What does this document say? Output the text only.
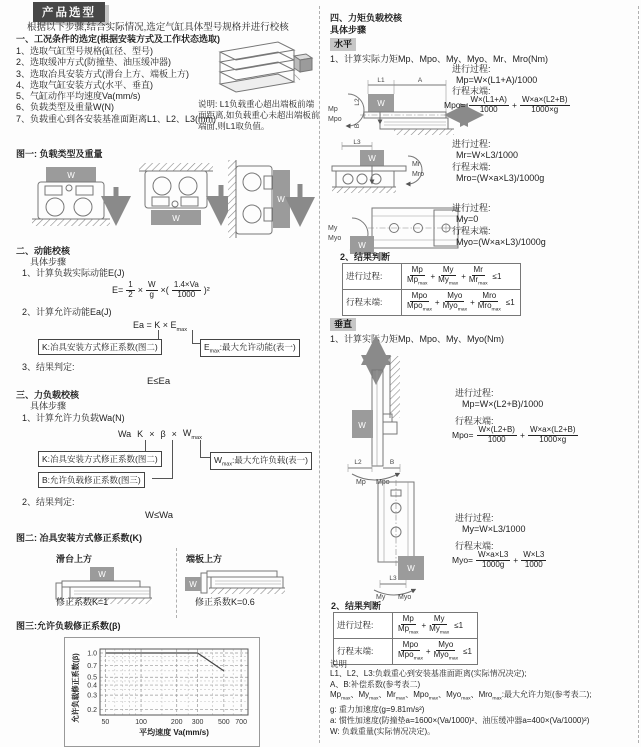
产品选型
根据以下步骤,结合实际情况,选定气缸具体型号规格并进行校核
一、工况条件的选定(根据安装方式及工作状态选取)
1、选取气缸型号规格(缸径、型号)
2、选取缓冲方式(防撞垫、油压缓冲器)
3、选取冶具安装方式(滑台上方、端板上方)
4、选取气缸安装方式(水平、垂直)
5、气缸动作平均速度Va(mm/s)
6、负载类型及重量W(N)
7、负载重心到各安装基准面距离L1、L2、L3(mm)
说明: L1负载重心超出端板前端面距离,如负载重心未超出端板前端面,则L1取负值。
图一: 负载类型及重量
W
W
W
二、动能校核
具体步骤
1、计算负载实际动能E(J)
$E= \frac{1}{2} \times \frac{W}{g}$ ×( $\frac{1.4\times Va}{1000} )^2$
2、计算允许动能Ea(J)
$Ea = K \times E_{max}$
K:冶具安装方式修正系数(图二)	$E_{max}$:最大允许动能(表一)
3、结果判定:
E≤Ea
三、力负载校核
具体步骤
1、计算允许力负载Wa(N)
Wa $K \times \beta \times W_{max}$
K:冶具安装方式修正系数(图二)	$W_{max}$:最大允许负载(表一)
B:允许负载修正系数(图三)
2、结果判定:
W≤Wa
图二: 冶具安装方式修正系数(K)
滑台上方	端板上方
W
W
修正系数K=1	修正系数K=0.6
图三:允许负载修正系数(β)
允许负载修正系数(β)	50	100	200 300 500 700
1.0
0.7
0.5
0.4
0.3
0.2
平均速度 Va(mm/s)
四、力矩负载校核
具体步骤
水平
1、计算实际力矩Mp、Mpo、My、Myo、Mr、Mro(Nm)
Mp
Mpo
L2 W
L1	A
B
进行过程:
Mp=W×(L1+A)/1000
行程末端:
$Mpo= \frac{W\times(L1+A)}{1000} + \frac{W\times a\times(L2+B)}{1000\times g}$
L3
W
Mr
Mro
进行过程:
Mr=W×L3/1000
行程末端:
Mro=(W×a×L3)/1000g
My
Myo
W
进行过程:
My=0
行程末端:
Myo=(W×a×L3)/1000g
2、结果判断
进行过程:	$\frac{Mp}{Mp_{max}} + \frac{My}{My_{max}} + \frac{Mr}{Mr_{max}} \le 1$
行程末端:	$\frac{\text{Mpo}}{Mpo_{max}} + \frac{\text{Myo}}{Myo_{max}} + \frac{\text{Mro}}{Mro_{max}} \le 1$
垂直
1、计算实际力矩Mp、Mpo、My、Myo(Nm)
W
L2	B
Mp Mpo
进行过程:
Mp=W×(L2+B)/1000
行程末端:
$Mpo= \frac{W\times(L2+B)}{1000} + \frac{W\times a\times(L2+B)}{1000\times g}$
W
L3
My Myo
进行过程:
My=W×L3/1000
行程末端:
$Myo= \frac{W\times a\times L3}{1000g} + \frac{W\times L3}{1000}$
2、结果判断
进行过程:	$\frac{Mp}{Mp_{max}} + \frac{My}{My_{max}} \le 1$
行程末端:	$\frac{\text{Mpo}}{Mpo_{max}} + \frac{\text{Myo}}{Myo_{max}} \le 1$
说明
L1、L2、L3:负载重心到安装基准面距离(实际情况决定);
A、B:补偿系数(参考表二)
$Mp_{max}$、$My_{max}$、$Mr_{max}$、Mpo$_{max}$、Myo$_{max}$、Mro$_{max}$:最大允许力矩(参考表二);
g: 重力加速度(g=9.81m/s²)
a: 惯性加速度(防撞垫a=1600×(Va/1000)²、油压缓冲器a=400×(Va/1000)²)
W: 负载重量(实际情况决定)。
